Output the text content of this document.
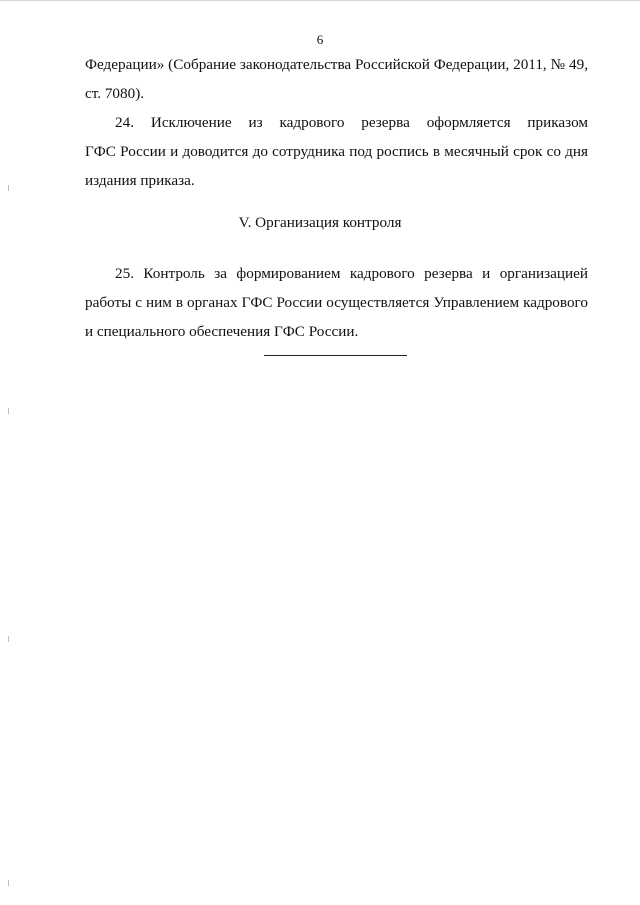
6
Федерации» (Собрание законодательства Российской Федерации, 2011, № 49,
ст. 7080).
24. Исключение из кадрового резерва оформляется приказом
ГФС России и доводится до сотрудника под роспись в месячный срок со дня
издания приказа.
V. Организация контроля
25. Контроль за формированием кадрового резерва и организацией
работы с ним в органах ГФС России осуществляется Управлением кадрового
и специального обеспечения ГФС России.
